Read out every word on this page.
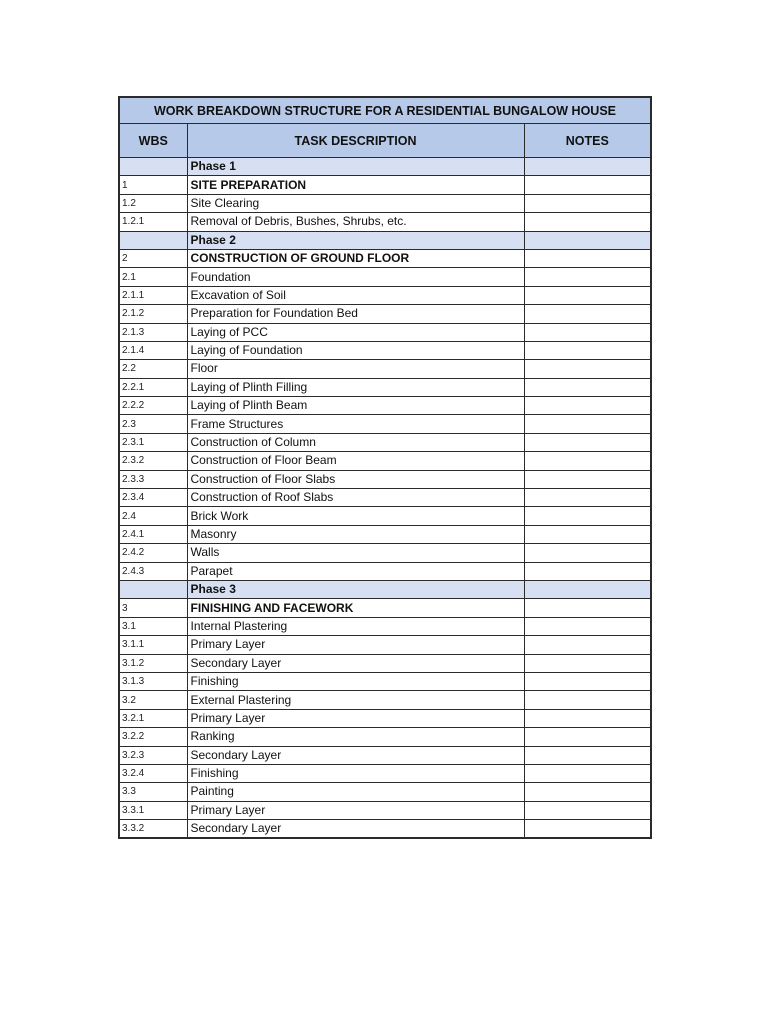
WORK BREAKDOWN STRUCTURE FOR A RESIDENTIAL BUNGALOW HOUSE		
WBS	TASK DESCRIPTION	NOTES
	Phase 1	
1	SITE PREPARATION	
1.2	Site Clearing	
1.2.1	Removal of Debris, Bushes, Shrubs, etc.	
	Phase 2	
2	CONSTRUCTION OF GROUND FLOOR	
2.1	Foundation	
2.1.1	Excavation of Soil	
2.1.2	Preparation for Foundation Bed	
2.1.3	Laying of PCC	
2.1.4	Laying of Foundation	
2.2	Floor	
2.2.1	Laying of Plinth Filling	
2.2.2	Laying of Plinth Beam	
2.3	Frame Structures	
2.3.1	Construction of Column	
2.3.2	Construction of Floor Beam	
2.3.3	Construction of Floor Slabs	
2.3.4	Construction of Roof Slabs	
2.4	Brick Work	
2.4.1	Masonry	
2.4.2	Walls	
2.4.3	Parapet	
	Phase 3	
3	FINISHING AND FACEWORK	
3.1	Internal Plastering	
3.1.1	Primary Layer	
3.1.2	Secondary Layer	
3.1.3	Finishing	
3.2	External Plastering	
3.2.1	Primary Layer	
3.2.2	Ranking	
3.2.3	Secondary Layer	
3.2.4	Finishing	
3.3	Painting	
3.3.1	Primary Layer	
3.3.2	Secondary Layer	
